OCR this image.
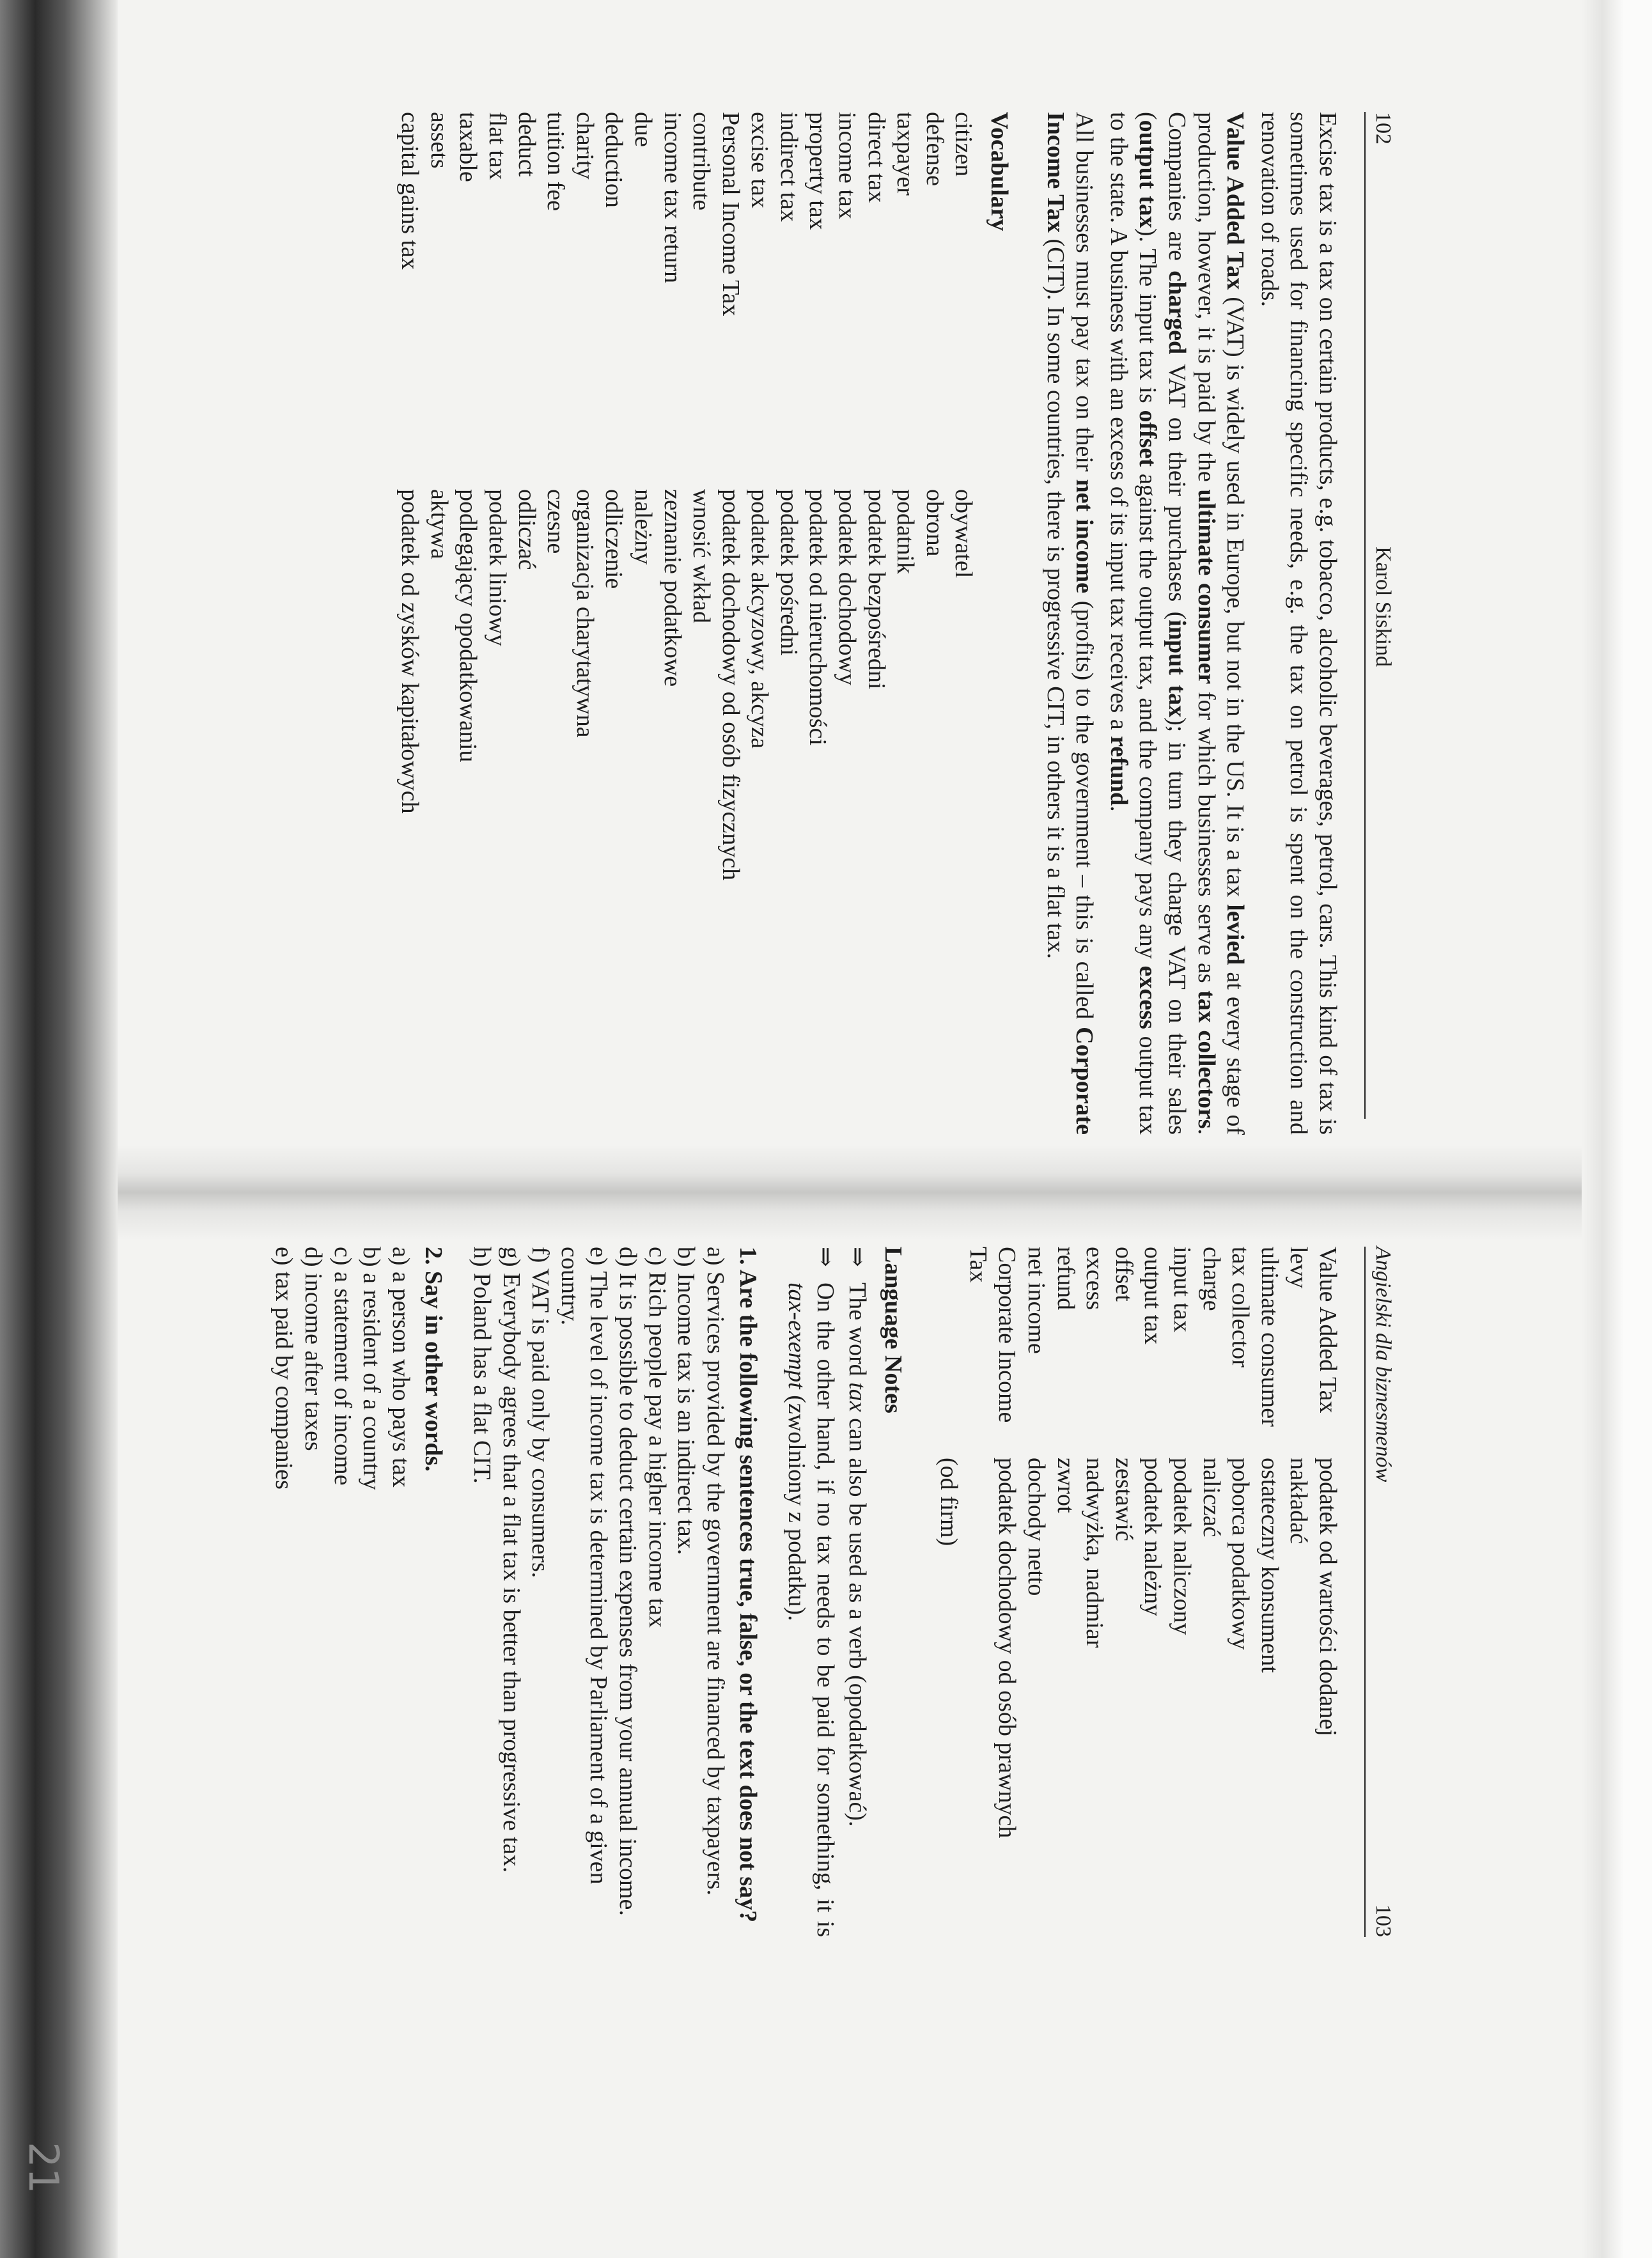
102
Karol Siskind

Excise tax is a tax on certain products, e.g. tobacco, alcoholic beverages, petrol, cars. This kind of tax is sometimes used for financing specific needs, e.g. the tax on petrol is spent on the construction and renovation of roads.

Value Added Tax (VAT) is widely used in Europe, but not in the US. It is a tax levied at every stage of production, however, it is paid by the ultimate consumer for which businesses serve as tax collectors. Companies are charged VAT on their purchases (input tax); in turn they charge VAT on their sales (output tax). The input tax is offset against the output tax, and the company pays any excess output tax to the state. A business with an excess of its input tax receives a refund.

All businesses must pay tax on their net income (profits) to the government – this is called Corporate Income Tax (CIT). In some countries, there is progressive CIT, in others it is a flat tax.

Vocabulary
citizen
obywatel
defense
obrona
taxpayer
podatnik
direct tax
podatek bezpośredni
income tax
podatek dochodowy
property tax
podatek od nieruchomości
indirect tax
podatek pośredni
excise tax
podatek akcyzowy, akcyza
Personal Income Tax
podatek dochodowy od osób fizycznych
contribute
wnosić wkład
income tax return
zeznanie podatkowe
due
należny
deduction
odliczenie
charity
organizacja charytatywna
tuition fee
czesne
deduct
odliczać
flat tax
podatek liniowy
taxable
podlegający opodatkowaniu
assets
aktywa
capital gains tax
podatek od zysków kapitałowych
Angielski dla biznesmenów
103
Value Added Tax
podatek od wartości dodanej
levy
nakładać
ultimate consumer
ostateczny konsument
tax collector
poborca podatkowy
charge
naliczać
input tax
podatek naliczony
output tax
podatek należny
offset
zestawić
excess
nadwyżka, nadmiar
refund
zwrot
net income
dochody netto
Corporate Income Tax
podatek dochodowy od osób prawnych
(od firm)
Language Notes
⇒
The word tax can also be used as a verb (opodatkować).
⇒
On the other hand, if no tax needs to be paid for something, it is tax-exempt (zwolniony z podatku).
1. Are the following sentences true, false, or the text does not say?
a) Services provided by the government are financed by taxpayers.
b) Income tax is an indirect tax.
c) Rich people pay a higher income tax
d) It is possible to deduct certain expenses from your annual income.
e) The level of income tax is determined by Parliament of a given country.
f) VAT is paid only by consumers.
g) Everybody agrees that a flat tax is better than progressive tax.
h) Poland has a flat CIT.
2. Say in other words.
a) a person who pays tax
b) a resident of a country
c) a statement of income
d) income after taxes
e) tax paid by companies
21
